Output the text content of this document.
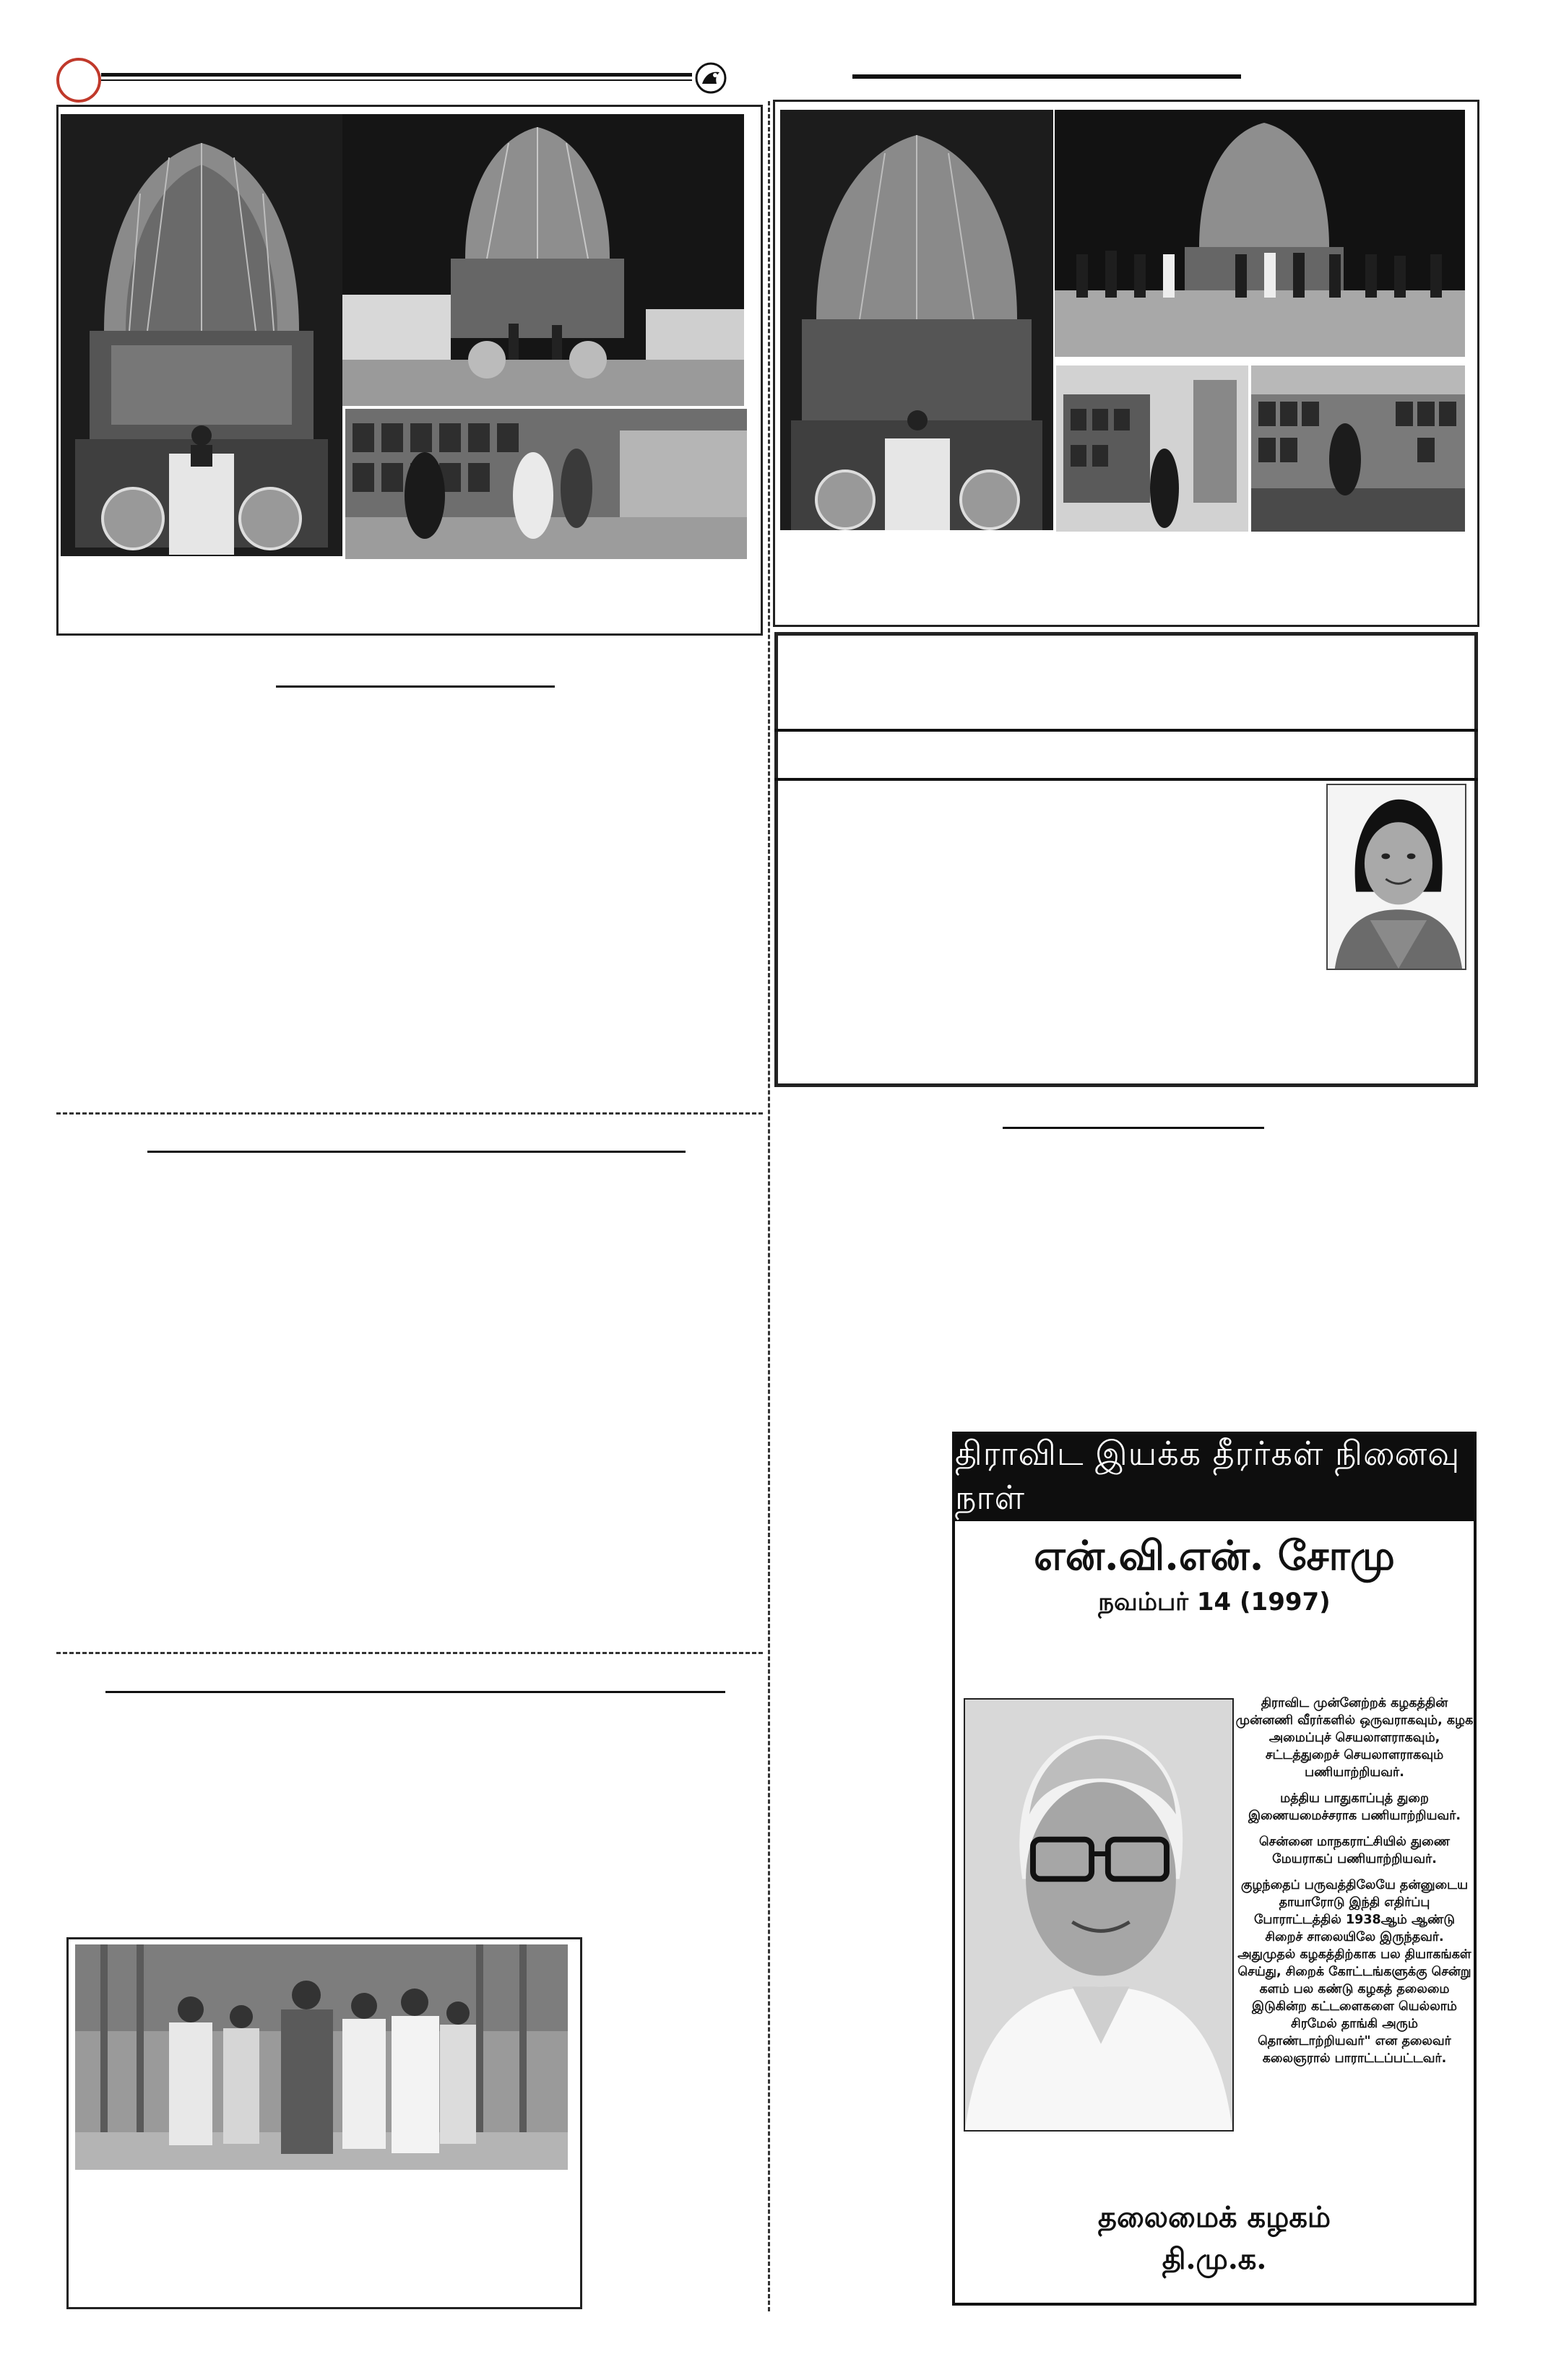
திராவிட இயக்க தீரர்கள் நினைவு நாள்
என்.வி.என். சோமு
நவம்பர் 14 (1997)

திராவிட முன்னேற்றக் கழகத்தின் முன்னணி வீரர்களில் ஒருவராகவும், கழக அமைப்புச் செயலாளராகவும், சட்டத்துறைச் செயலாளராகவும் பணியாற்றியவர்.

மத்திய பாதுகாப்புத் துறை இணையமைச்சராக பணியாற்றியவர்.

சென்னை மாநகராட்சியில் துணை மேயராகப் பணியாற்றியவர்.

குழந்தைப் பருவத்திலேயே தன்னுடைய தாயாரோடு இந்தி எதிர்ப்பு போராட்டத்தில் 1938ஆம் ஆண்டு சிறைச் சாலையிலே இருந்தவர். அதுமுதல் கழகத்திற்காக பல தியாகங்கள் செய்து, சிறைக் கோட்டங்களுக்கு சென்று களம் பல கண்டு கழகத் தலைமை இடுகின்ற கட்டளைகளை யெல்லாம் சிரமேல் தாங்கி அரும் தொண்டாற்றியவர்" என தலைவர் கலைஞரால் பாராட்டப்பட்டவர்.

தலைமைக் கழகம்
தி.மு.க.
